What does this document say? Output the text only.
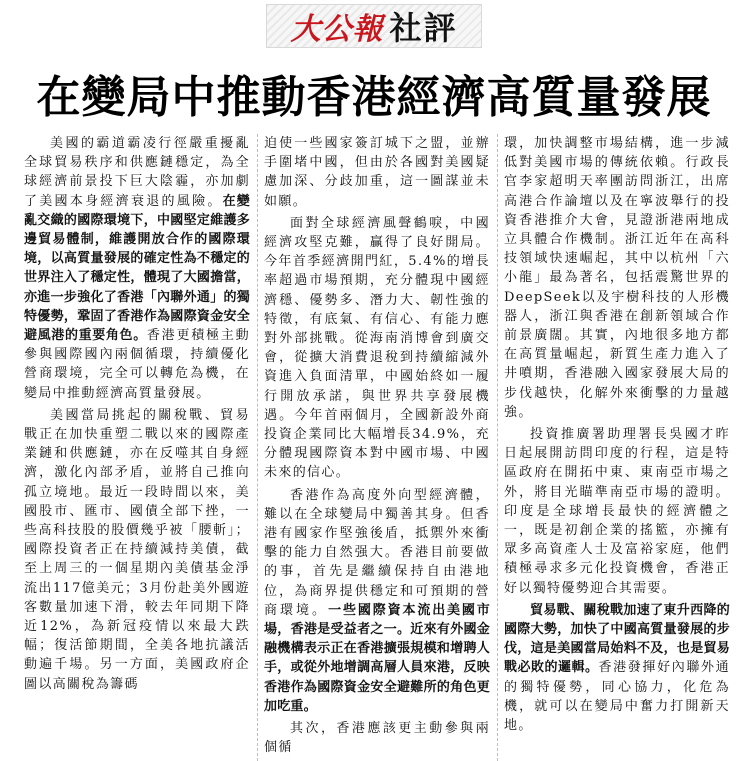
大公報 社評
在變局中推動香港經濟高質量發展

美國的霸道霸凌行徑嚴重擾亂全球貿易秩序和供應鏈穩定，為全球經濟前景投下巨大陰霾，亦加劇了美國本身經濟衰退的風險。在變亂交織的國際環境下，中國堅定維護多邊貿易體制，維護開放合作的國際環境，以高質量發展的確定性為不穩定的世界注入了穩定性，體現了大國擔當，亦進一步強化了香港「內聯外通」的獨特優勢，鞏固了香港作為國際資金安全避風港的重要角色。香港更積極主動參與國際國內兩個循環，持續優化營商環境，完全可以轉危為機，在變局中推動經濟高質量發展。

美國當局挑起的關稅戰、貿易戰正在加快重塑二戰以來的國際產業鏈和供應鏈，亦在反噬其自身經濟，激化內部矛盾，並將自己推向孤立境地。最近一段時間以來，美國股市、匯市、國債全部下挫，一些高科技股的股價幾乎被「腰斬」；國際投資者正在持續減持美債，截至上周三的一個星期內美債基金淨流出117億美元；3月份赴美外國遊客數量加速下滑，較去年同期下降近12%，為新冠疫情以來最大跌幅；復活節期間，全美各地抗議活動遍千場。另一方面，美國政府企圖以高關稅為籌碼

迫使一些國家簽訂城下之盟，並辦手圍堵中國，但由於各國對美國疑慮加深、分歧加重，這一圖謀並未如願。

面對全球經濟風聲鶴唳，中國經濟攻堅克難，贏得了良好開局。今年首季經濟開門紅，5.4%的增長率超過市場預期，充分體現中國經濟穩、優勢多、潛力大、韌性強的特徵，有底氣、有信心、有能力應對外部挑戰。從海南消博會到廣交會，從擴大消費退稅到持續縮減外資進入負面清單，中國始終如一履行開放承諾，與世界共享發展機遇。今年首兩個月，全國新設外商投資企業同比大幅增長34.9%，充分體現國際資本對中國市場、中國未來的信心。

香港作為高度外向型經濟體，難以在全球變局中獨善其身。但香港有國家作堅強後盾，抵禦外來衝擊的能力自然强大。香港目前要做的事，首先是繼續保持自由港地位，為商界提供穩定和可預期的營商環境。一些國際資本流出美國市場，香港是受益者之一。近來有外國金融機構表示正在香港擴張規模和增聘人手，或從外地增調高層人員來港，反映香港作為國際資金安全避難所的角色更加吃重。

其次，香港應該更主動參與兩個循

環，加快調整市場結構，進一步減低對美國市場的傳統依賴。行政長官李家超明天率團訪問浙江，出席高港合作論壇以及在寧波舉行的投資香港推介大會，見證浙港兩地成立具體合作機制。浙江近年在高科技領域快速崛起，其中以杭州「六小龍」最為著名，包括震驚世界的DeepSeek以及宇樹科技的人形機器人，浙江與香港在創新領域合作前景廣闊。其實，內地很多地方都在高質量崛起，新質生產力進入了井噴期，香港融入國家發展大局的步伐越快，化解外來衝擊的力量越強。

投資推廣署助理署長吳國才昨日起展開訪問印度的行程，這是特區政府在開拓中東、東南亞市場之外，將目光瞄準南亞市場的證明。印度是全球增長最快的經濟體之一，既是初創企業的搖籃，亦擁有眾多高資產人士及富裕家庭，他們積極尋求多元化投資機會，香港正好以獨特優勢迎合其需要。

貿易戰、關稅戰加速了東升西降的國際大勢，加快了中國高質量發展的步伐，這是美國當局始料不及，也是貿易戰必敗的邏輯。香港發揮好內聯外通的獨特優勢，同心協力，化危為機，就可以在變局中奮力打開新天地。
